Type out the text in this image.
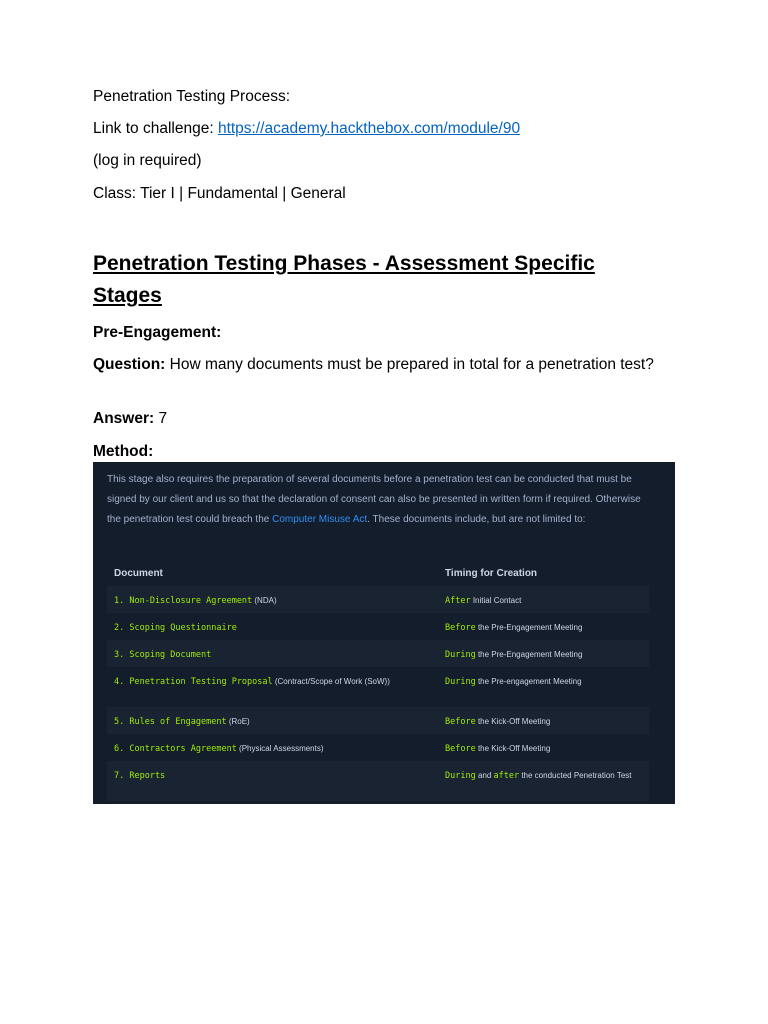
Penetration Testing Process:
Link to challenge: https://academy.hackthebox.com/module/90
(log in required)
Class: Tier I | Fundamental | General
Penetration Testing Phases - Assessment Specific Stages
Pre-Engagement:
Question: How many documents must be prepared in total for a penetration test?
Answer: 7
Method:
This stage also requires the preparation of several documents before a penetration test can be conducted that must be signed by our client and us so that the declaration of consent can also be presented in written form if required. Otherwise the penetration test could breach the Computer Misuse Act. These documents include, but are not limited to:
Document	Timing for Creation
1. Non-Disclosure Agreement (NDA)	After Initial Contact
2. Scoping Questionnaire	Before the Pre-Engagement Meeting
3. Scoping Document	During the Pre-Engagement Meeting
4. Penetration Testing Proposal (Contract/Scope of Work (SoW))	During the Pre-engagement Meeting
5. Rules of Engagement (RoE)	Before the Kick-Off Meeting
6. Contractors Agreement (Physical Assessments)	Before the Kick-Off Meeting
7. Reports	During and after the conducted Penetration Test
